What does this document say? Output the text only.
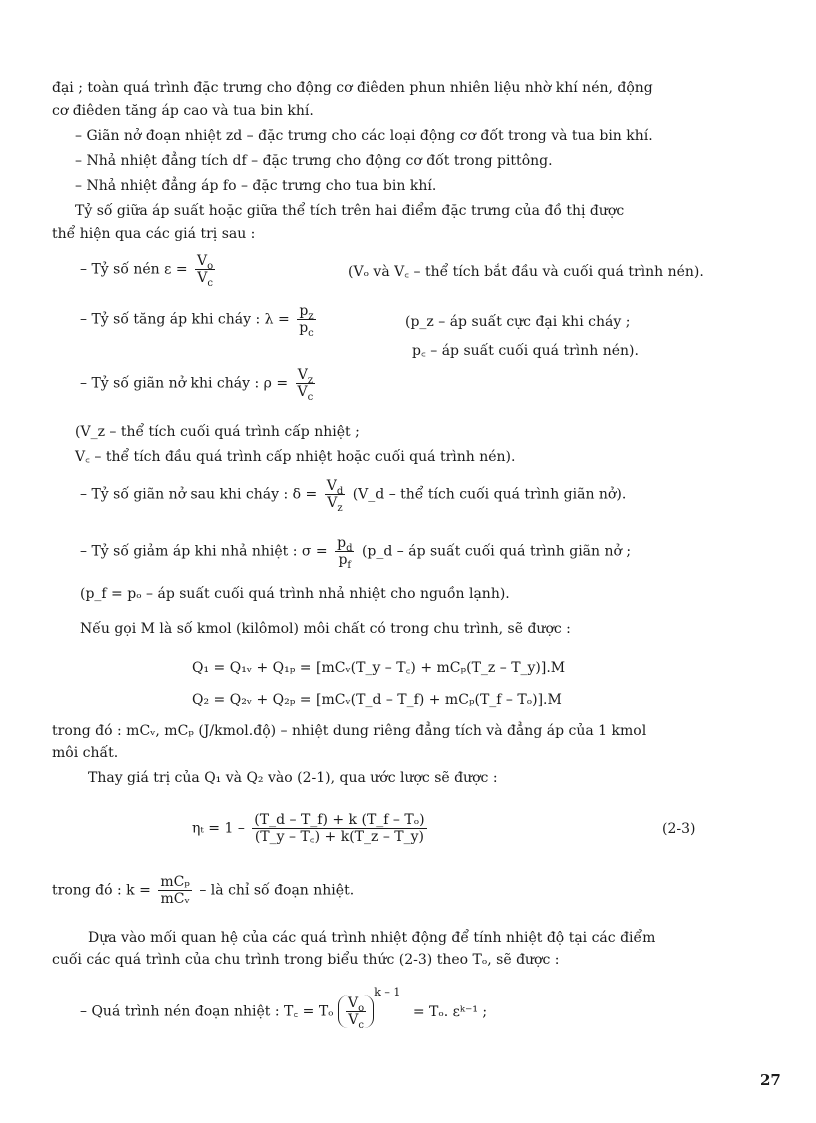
đại ; toàn quá trình đặc trưng cho động cơ điêden phun nhiên liệu nhờ khí nén, động
cơ điêden tăng áp cao và tua bin khí.
– Giãn nở đoạn nhiệt zd – đặc trưng cho các loại động cơ đốt trong và tua bin khí.
– Nhả nhiệt đẳng tích df – đặc trưng cho động cơ đốt trong pittông.
– Nhả nhiệt đẳng áp fo – đặc trưng cho tua bin khí.
Tỷ số giữa áp suất hoặc giữa thể tích trên hai điểm đặc trưng của đồ thị được
thể hiện qua các giá trị sau :
– Tỷ số nén $\varepsilon = \frac{V_o}{V_c}$	(Vₒ và V꜀ – thể tích bắt đầu và cuối quá trình nén).
– Tỷ số tăng áp khi cháy : $\lambda = \frac{p_z}{p_c}$	(p_z – áp suất cực đại khi cháy ;
p꜀ – áp suất cuối quá trình nén).
– Tỷ số giãn nở khi cháy : $\rho = \frac{V_z}{V_c}$
(V_z – thể tích cuối quá trình cấp nhiệt ;
V꜀ – thể tích đầu quá trình cấp nhiệt hoặc cuối quá trình nén).
– Tỷ số giãn nở sau khi cháy : $\delta = \frac{V_d}{V_z}$ (V_d – thể tích cuối quá trình giãn nở).
– Tỷ số giảm áp khi nhả nhiệt : $\sigma = \frac{p_d}{p_f}$ (p_d – áp suất cuối quá trình giãn nở ;
(p_f = pₒ – áp suất cuối quá trình nhả nhiệt cho nguồn lạnh).
Nếu gọi M là số kmol (kilômol) môi chất có trong chu trình, sẽ được :
Q₁ = Q₁ᵥ + Q₁ₚ = [mCᵥ(T_y – T꜀) + mCₚ(T_z – T_y)].M
Q₂ = Q₂ᵥ + Q₂ₚ = [mCᵥ(T_d – T_f) + mCₚ(T_f – Tₒ)].M
trong đó : mCᵥ, mCₚ (J/kmol.độ) – nhiệt dung riêng đẳng tích và đẳng áp của 1 kmol
môi chất.
Thay giá trị của Q₁ và Q₂ vào (2-1), qua ước lược sẽ được :
$\eta_t = 1 - \frac{\text{(T\_d – T\_f) + k (T\_f – Tₒ)}}{(T\_y - T꜀) + k(T\_z - T\_y)}$	(2-3)
trong đó : $k = \frac{\text{mCₚ}}{\text{mCᵥ}}$ – là chỉ số đoạn nhiệt.
Dựa vào mối quan hệ của các quá trình nhiệt động để tính nhiệt độ tại các điểm
cuối các quá trình của chu trình trong biểu thức (2-3) theo Tₒ, sẽ được :
– Quá trình nén đoạn nhiệt : T꜀ = Tₒ $\frac{V_o}{V_c}$
$^{k - 1}$ = Tₒ. εᵏ⁻¹ ;
27
